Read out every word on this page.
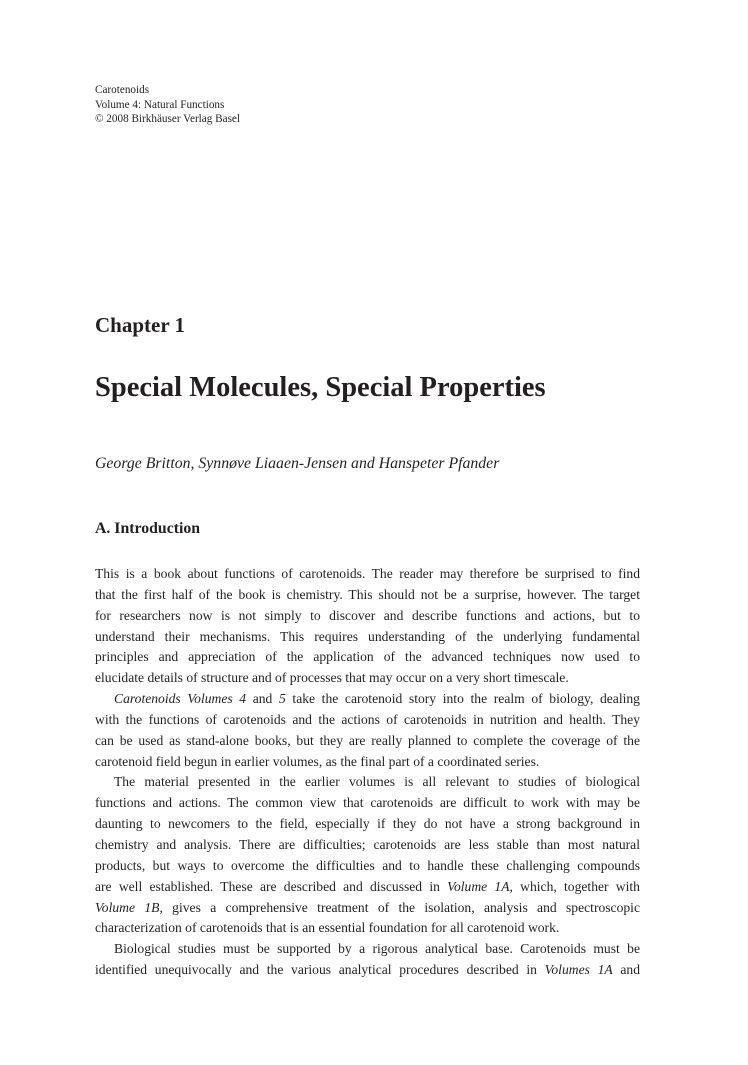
Carotenoids
Volume 4: Natural Functions
© 2008 Birkhäuser Verlag Basel
Chapter 1
Special Molecules, Special Properties
George Britton, Synnøve Liaaen-Jensen and Hanspeter Pfander
A. Introduction
This is a book about functions of carotenoids. The reader may therefore be surprised to find
that the first half of the book is chemistry. This should not be a surprise, however. The target
for researchers now is not simply to discover and describe functions and actions, but to
understand their mechanisms. This requires understanding of the underlying fundamental
principles and appreciation of the application of the advanced techniques now used to
elucidate details of structure and of processes that may occur on a very short timescale.
Carotenoids Volumes 4 and 5 take the carotenoid story into the realm of biology, dealing
with the functions of carotenoids and the actions of carotenoids in nutrition and health. They
can be used as stand-alone books, but they are really planned to complete the coverage of the
carotenoid field begun in earlier volumes, as the final part of a coordinated series.
The material presented in the earlier volumes is all relevant to studies of biological
functions and actions. The common view that carotenoids are difficult to work with may be
daunting to newcomers to the field, especially if they do not have a strong background in
chemistry and analysis. There are difficulties; carotenoids are less stable than most natural
products, but ways to overcome the difficulties and to handle these challenging compounds
are well established. These are described and discussed in Volume 1A, which, together with
Volume 1B, gives a comprehensive treatment of the isolation, analysis and spectroscopic
characterization of carotenoids that is an essential foundation for all carotenoid work.
Biological studies must be supported by a rigorous analytical base. Carotenoids must be
identified unequivocally and the various analytical procedures described in Volumes 1A and
